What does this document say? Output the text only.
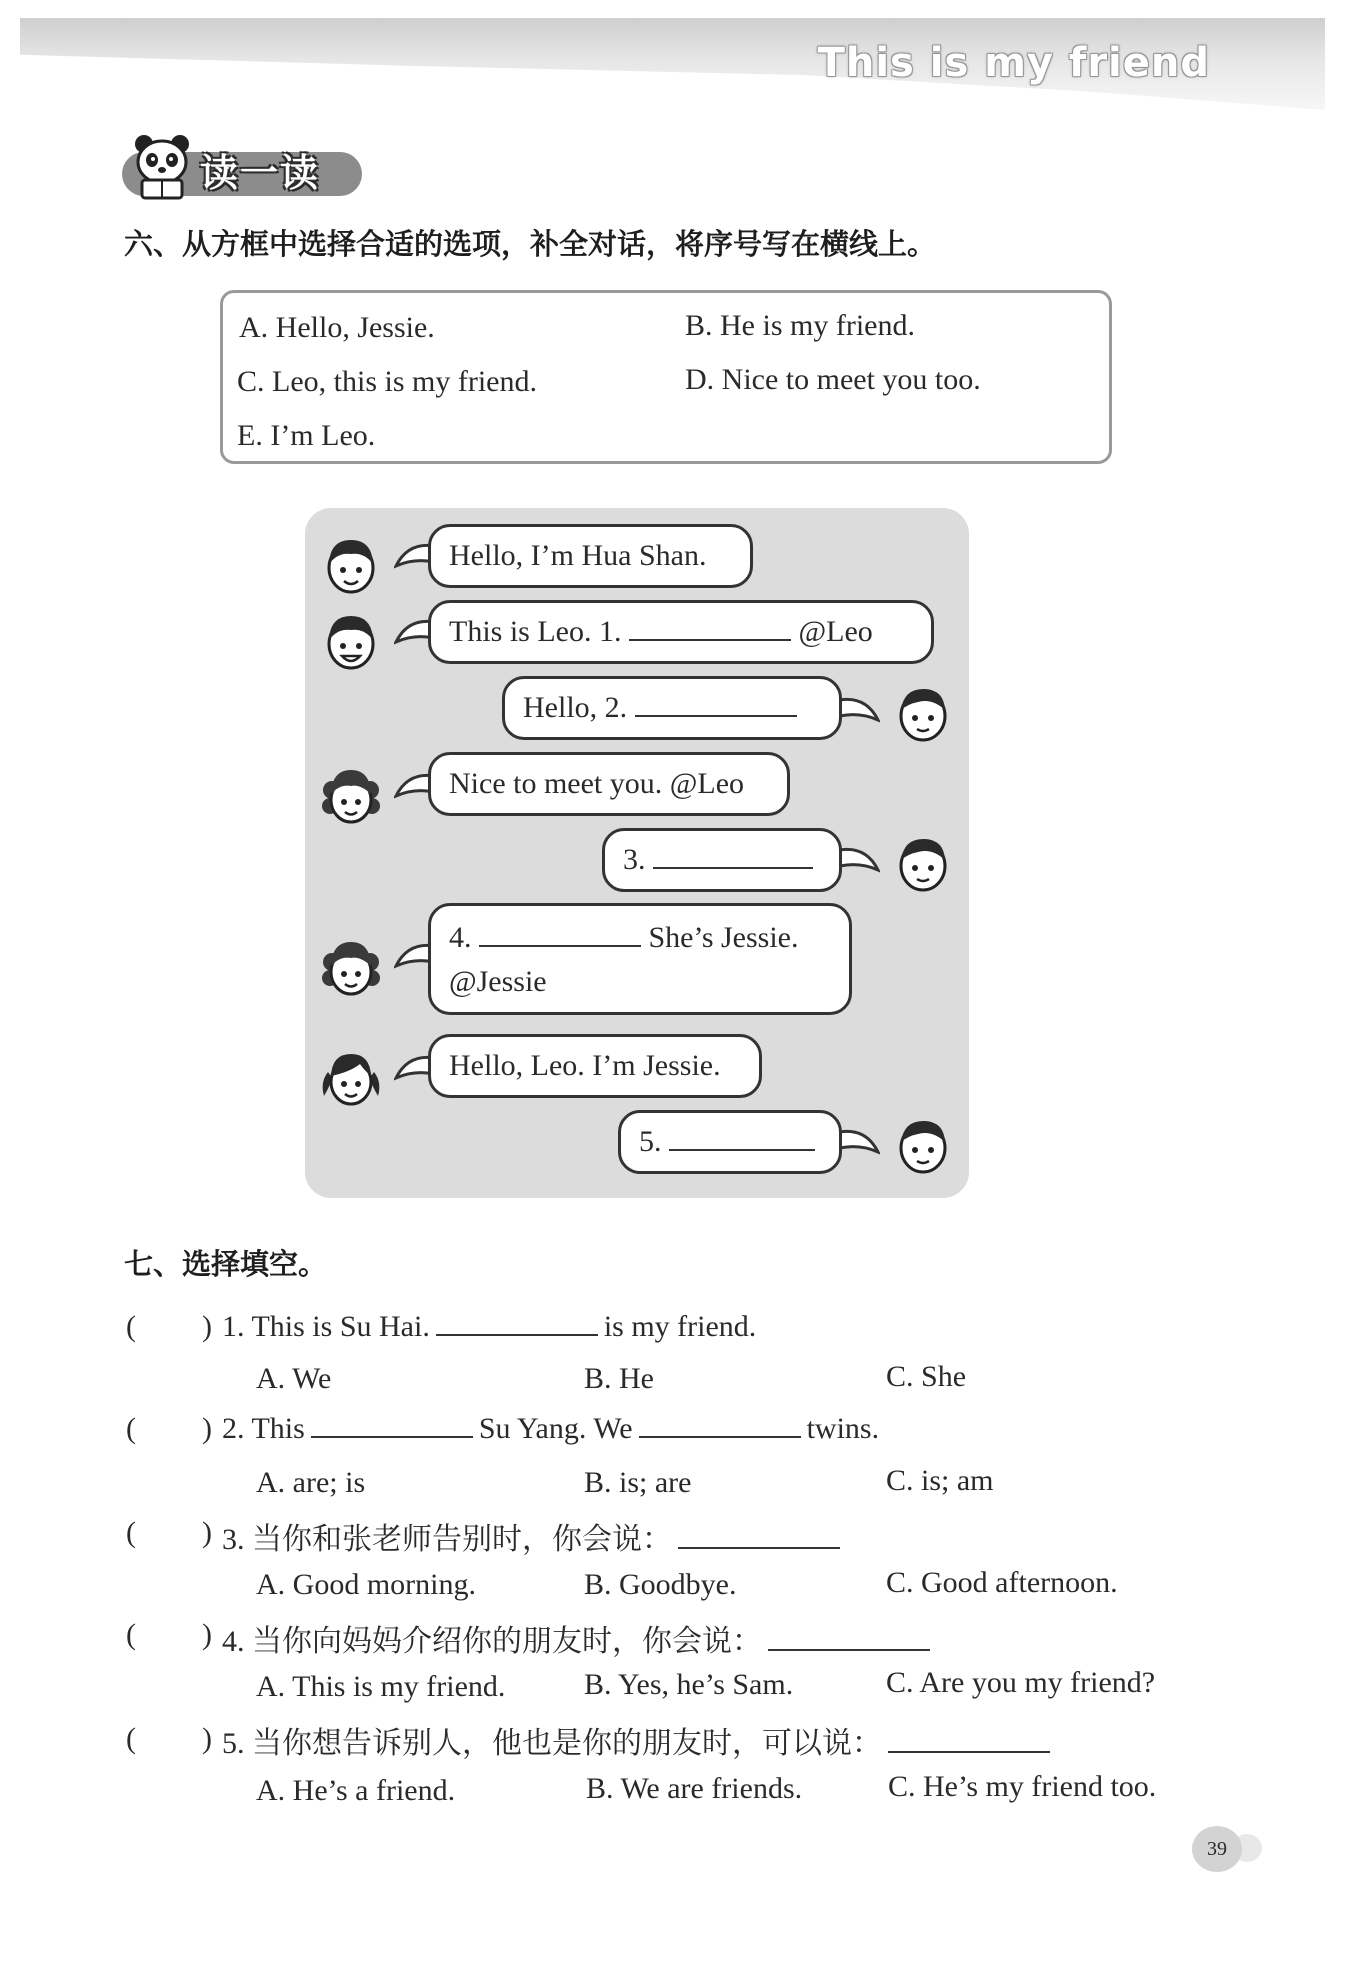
This is my friend
读一读
六、从方框中选择合适的选项，补全对话，将序号写在横线上。
A. Hello, Jessie.	B. He is my friend.
C. Leo, this is my friend.	D. Nice to meet you too.
E. I’m Leo.
Hello, I’m Hua Shan.
This is Leo. 1.	@Leo
Hello, 2.
Nice to meet you. @Leo
3.
4.	She’s Jessie.
@Jessie
Hello, Leo. I’m Jessie.
5.
七、选择填空。
( ) 1. This is Su Hai.	is my friend.
A. We	B. He	C. She
( ) 2. This	Su Yang. We	twins.
A. are; is	B. is; are	C. is; am
( ) 3. 当你和张老师告别时，你会说：
A. Good morning.	B. Goodbye.	C. Good afternoon.
( ) 4. 当你向妈妈介绍你的朋友时，你会说：
A. This is my friend.	B. Yes, he’s Sam.	C. Are you my friend?
( ) 5. 当你想告诉别人，他也是你的朋友时，可以说：
A. He’s a friend.	B. We are friends.	C. He’s my friend too.
39
